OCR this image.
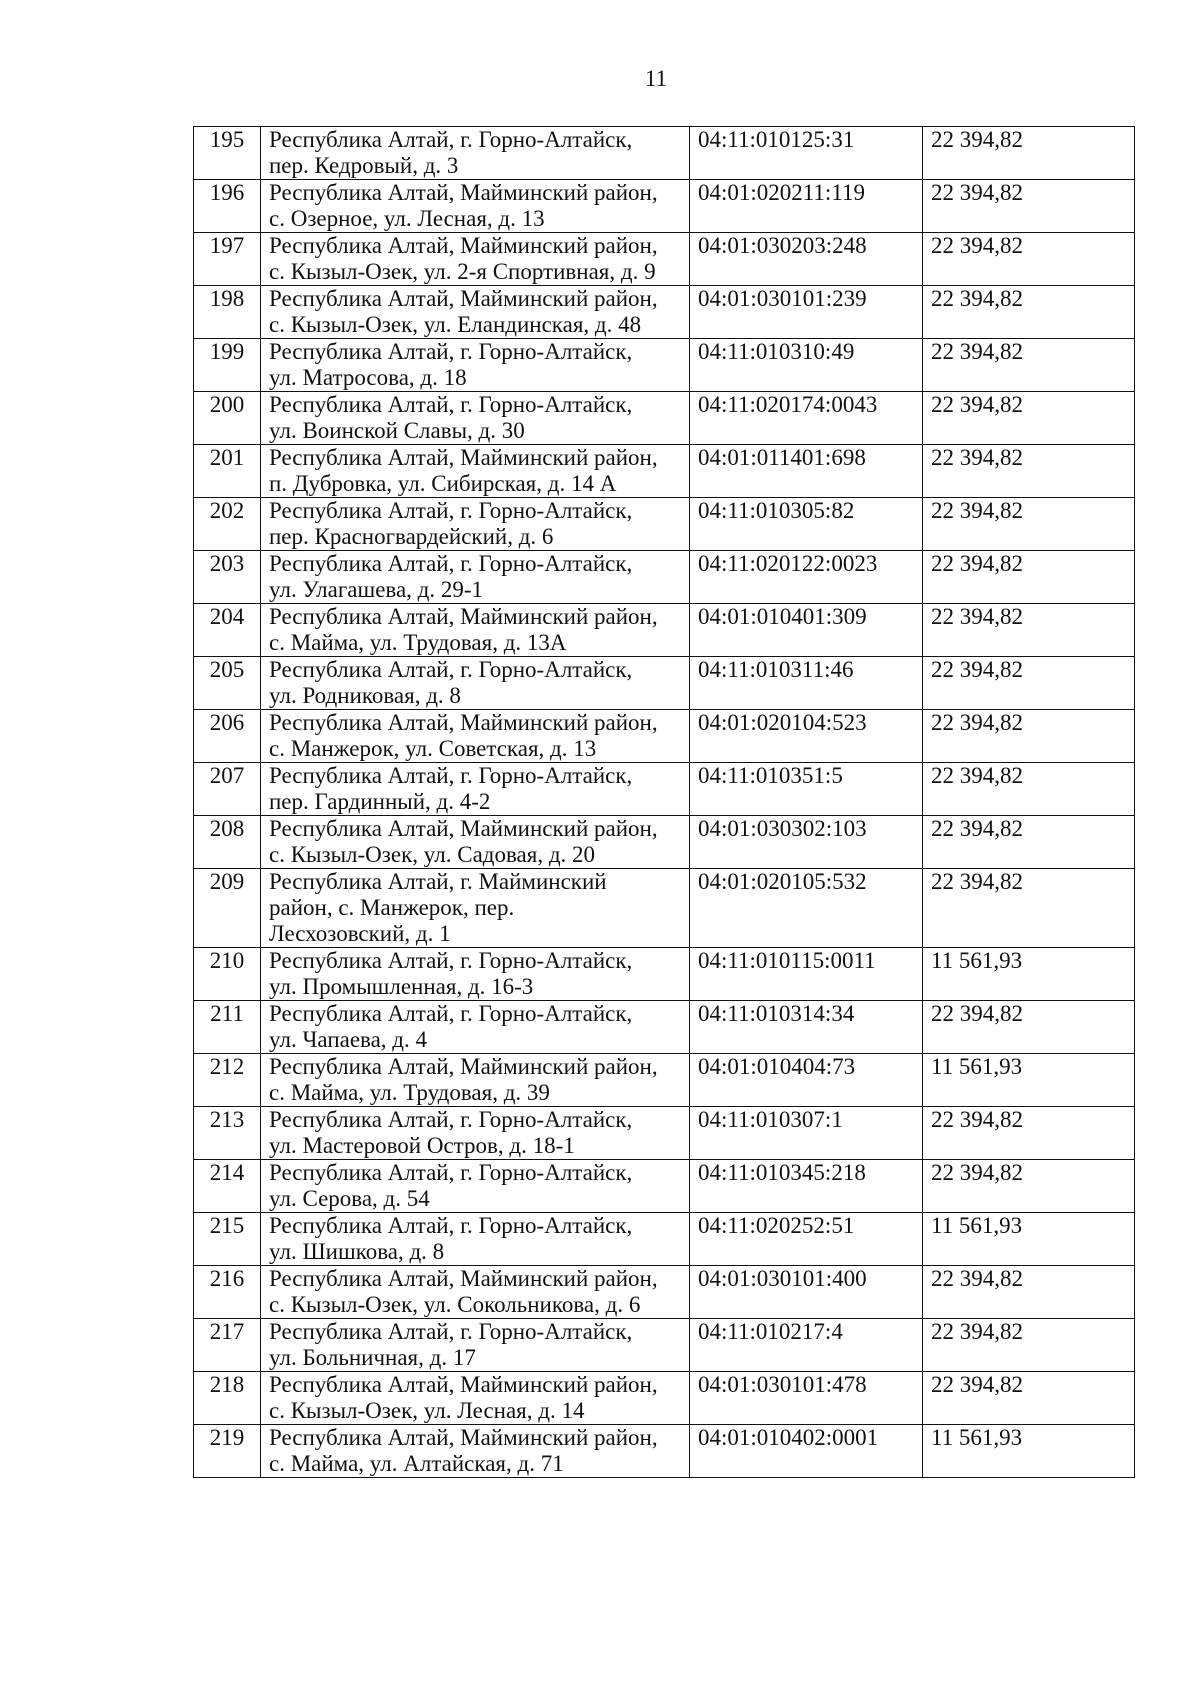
11
195	Республика Алтай, г. Горно-Алтайск,
пер. Кедровый, д. 3	04:11:010125:31	22 394,82
196	Республика Алтай, Майминский район,
с. Озерное, ул. Лесная, д. 13	04:01:020211:119	22 394,82
197	Республика Алтай, Майминский район,
с. Кызыл-Озек, ул. 2-я Спортивная, д. 9	04:01:030203:248	22 394,82
198	Республика Алтай, Майминский район,
с. Кызыл-Озек, ул. Еландинская, д. 48	04:01:030101:239	22 394,82
199	Республика Алтай, г. Горно-Алтайск,
ул. Матросова, д. 18	04:11:010310:49	22 394,82
200	Республика Алтай, г. Горно-Алтайск,
ул. Воинской Славы, д. 30	04:11:020174:0043	22 394,82
201	Республика Алтай, Майминский район,
п. Дубровка, ул. Сибирская, д. 14 А	04:01:011401:698	22 394,82
202	Республика Алтай, г. Горно-Алтайск,
пер. Красногвардейский, д. 6	04:11:010305:82	22 394,82
203	Республика Алтай, г. Горно-Алтайск,
ул. Улагашева, д. 29-1	04:11:020122:0023	22 394,82
204	Республика Алтай, Майминский район,
с. Майма, ул. Трудовая, д. 13А	04:01:010401:309	22 394,82
205	Республика Алтай, г. Горно-Алтайск,
ул. Родниковая, д. 8	04:11:010311:46	22 394,82
206	Республика Алтай, Майминский район,
с. Манжерок, ул. Советская, д. 13	04:01:020104:523	22 394,82
207	Республика Алтай, г. Горно-Алтайск,
пер. Гардинный, д. 4-2	04:11:010351:5	22 394,82
208	Республика Алтай, Майминский район,
с. Кызыл-Озек, ул. Садовая, д. 20	04:01:030302:103	22 394,82
209	Республика Алтай, г. Майминский
район, с. Манжерок, пер.
Лесхозовский, д. 1	04:01:020105:532	22 394,82
210	Республика Алтай, г. Горно-Алтайск,
ул. Промышленная, д. 16-3	04:11:010115:0011	11 561,93
211	Республика Алтай, г. Горно-Алтайск,
ул. Чапаева, д. 4	04:11:010314:34	22 394,82
212	Республика Алтай, Майминский район,
с. Майма, ул. Трудовая, д. 39	04:01:010404:73	11 561,93
213	Республика Алтай, г. Горно-Алтайск,
ул. Мастеровой Остров, д. 18-1	04:11:010307:1	22 394,82
214	Республика Алтай, г. Горно-Алтайск,
ул. Серова, д. 54	04:11:010345:218	22 394,82
215	Республика Алтай, г. Горно-Алтайск,
ул. Шишкова, д. 8	04:11:020252:51	11 561,93
216	Республика Алтай, Майминский район,
с. Кызыл-Озек, ул. Сокольникова, д. 6	04:01:030101:400	22 394,82
217	Республика Алтай, г. Горно-Алтайск,
ул. Больничная, д. 17	04:11:010217:4	22 394,82
218	Республика Алтай, Майминский район,
с. Кызыл-Озек, ул. Лесная, д. 14	04:01:030101:478	22 394,82
219	Республика Алтай, Майминский район,
с. Майма, ул. Алтайская, д. 71	04:01:010402:0001	11 561,93
